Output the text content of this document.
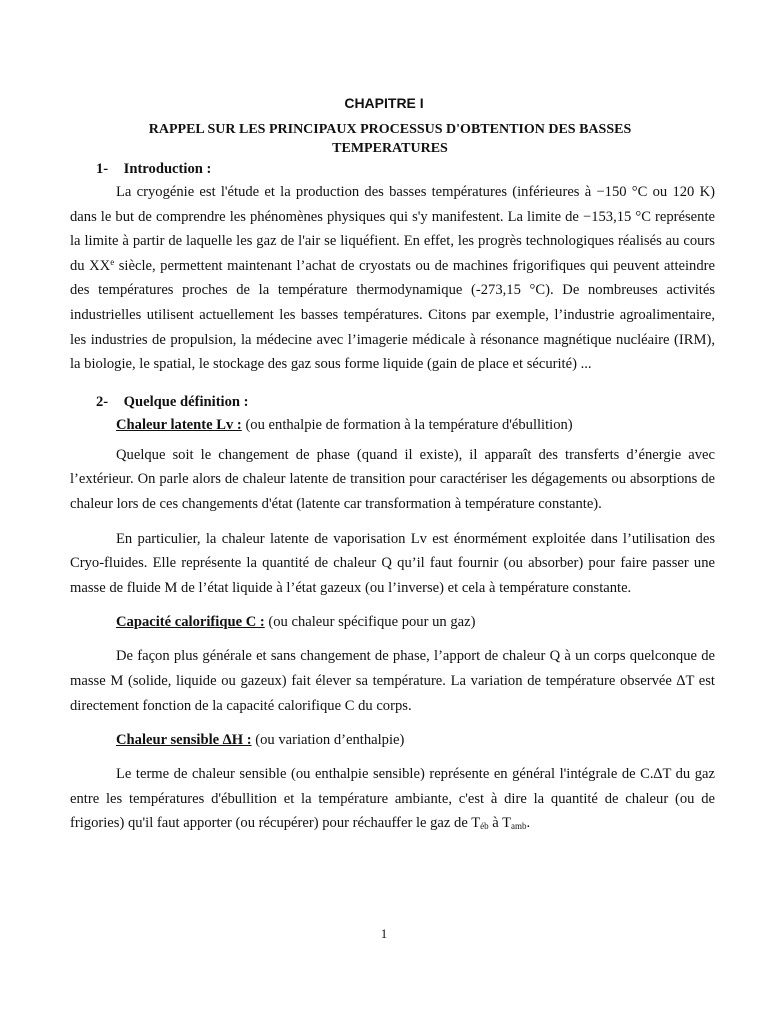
CHAPITRE I
RAPPEL SUR LES PRINCIPAUX PROCESSUS D'OBTENTION DES BASSES TEMPERATURES

1- Introduction :

La cryogénie est l'étude et la production des basses températures (inférieures à −150 °C ou 120 K) dans le but de comprendre les phénomènes physiques qui s'y manifestent. La limite de −153,15 °C représente la limite à partir de laquelle les gaz de l'air se liquéfient. En effet, les progrès technologiques réalisés au cours du XXe siècle, permettent maintenant l’achat de cryostats ou de machines frigorifiques qui peuvent atteindre des températures proches de la température thermodynamique (-273,15 °C). De nombreuses activités industrielles utilisent actuellement les basses températures. Citons par exemple, l’industrie agroalimentaire, les industries de propulsion, la médecine avec l’imagerie médicale à résonance magnétique nucléaire (IRM), la biologie, le spatial, le stockage des gaz sous forme liquide (gain de place et sécurité) ...

2- Quelque définition :

Chaleur latente Lv : (ou enthalpie de formation à la température d'ébullition)

Quelque soit le changement de phase (quand il existe), il apparaît des transferts d’énergie avec l’extérieur. On parle alors de chaleur latente de transition pour caractériser les dégagements ou absorptions de chaleur lors de ces changements d'état (latente car transformation à température constante).

En particulier, la chaleur latente de vaporisation Lv est énormément exploitée dans l’utilisation des Cryo-fluides. Elle représente la quantité de chaleur Q qu’il faut fournir (ou absorber) pour faire passer une masse de fluide M de l’état liquide à l’état gazeux (ou l’inverse) et cela à température constante.

Capacité calorifique C : (ou chaleur spécifique pour un gaz)

De façon plus générale et sans changement de phase, l’apport de chaleur Q à un corps quelconque de masse M (solide, liquide ou gazeux) fait élever sa température. La variation de température observée ∆T est directement fonction de la capacité calorifique C du corps.

Chaleur sensible ∆H : (ou variation d’enthalpie)

Le terme de chaleur sensible (ou enthalpie sensible) représente en général l'intégrale de C.∆T du gaz entre les températures d'ébullition et la température ambiante, c'est à dire la quantité de chaleur (ou de frigories) qu'il faut apporter (ou récupérer) pour réchauffer le gaz de $T_{éb}$ à $T_{amb}$.

1
